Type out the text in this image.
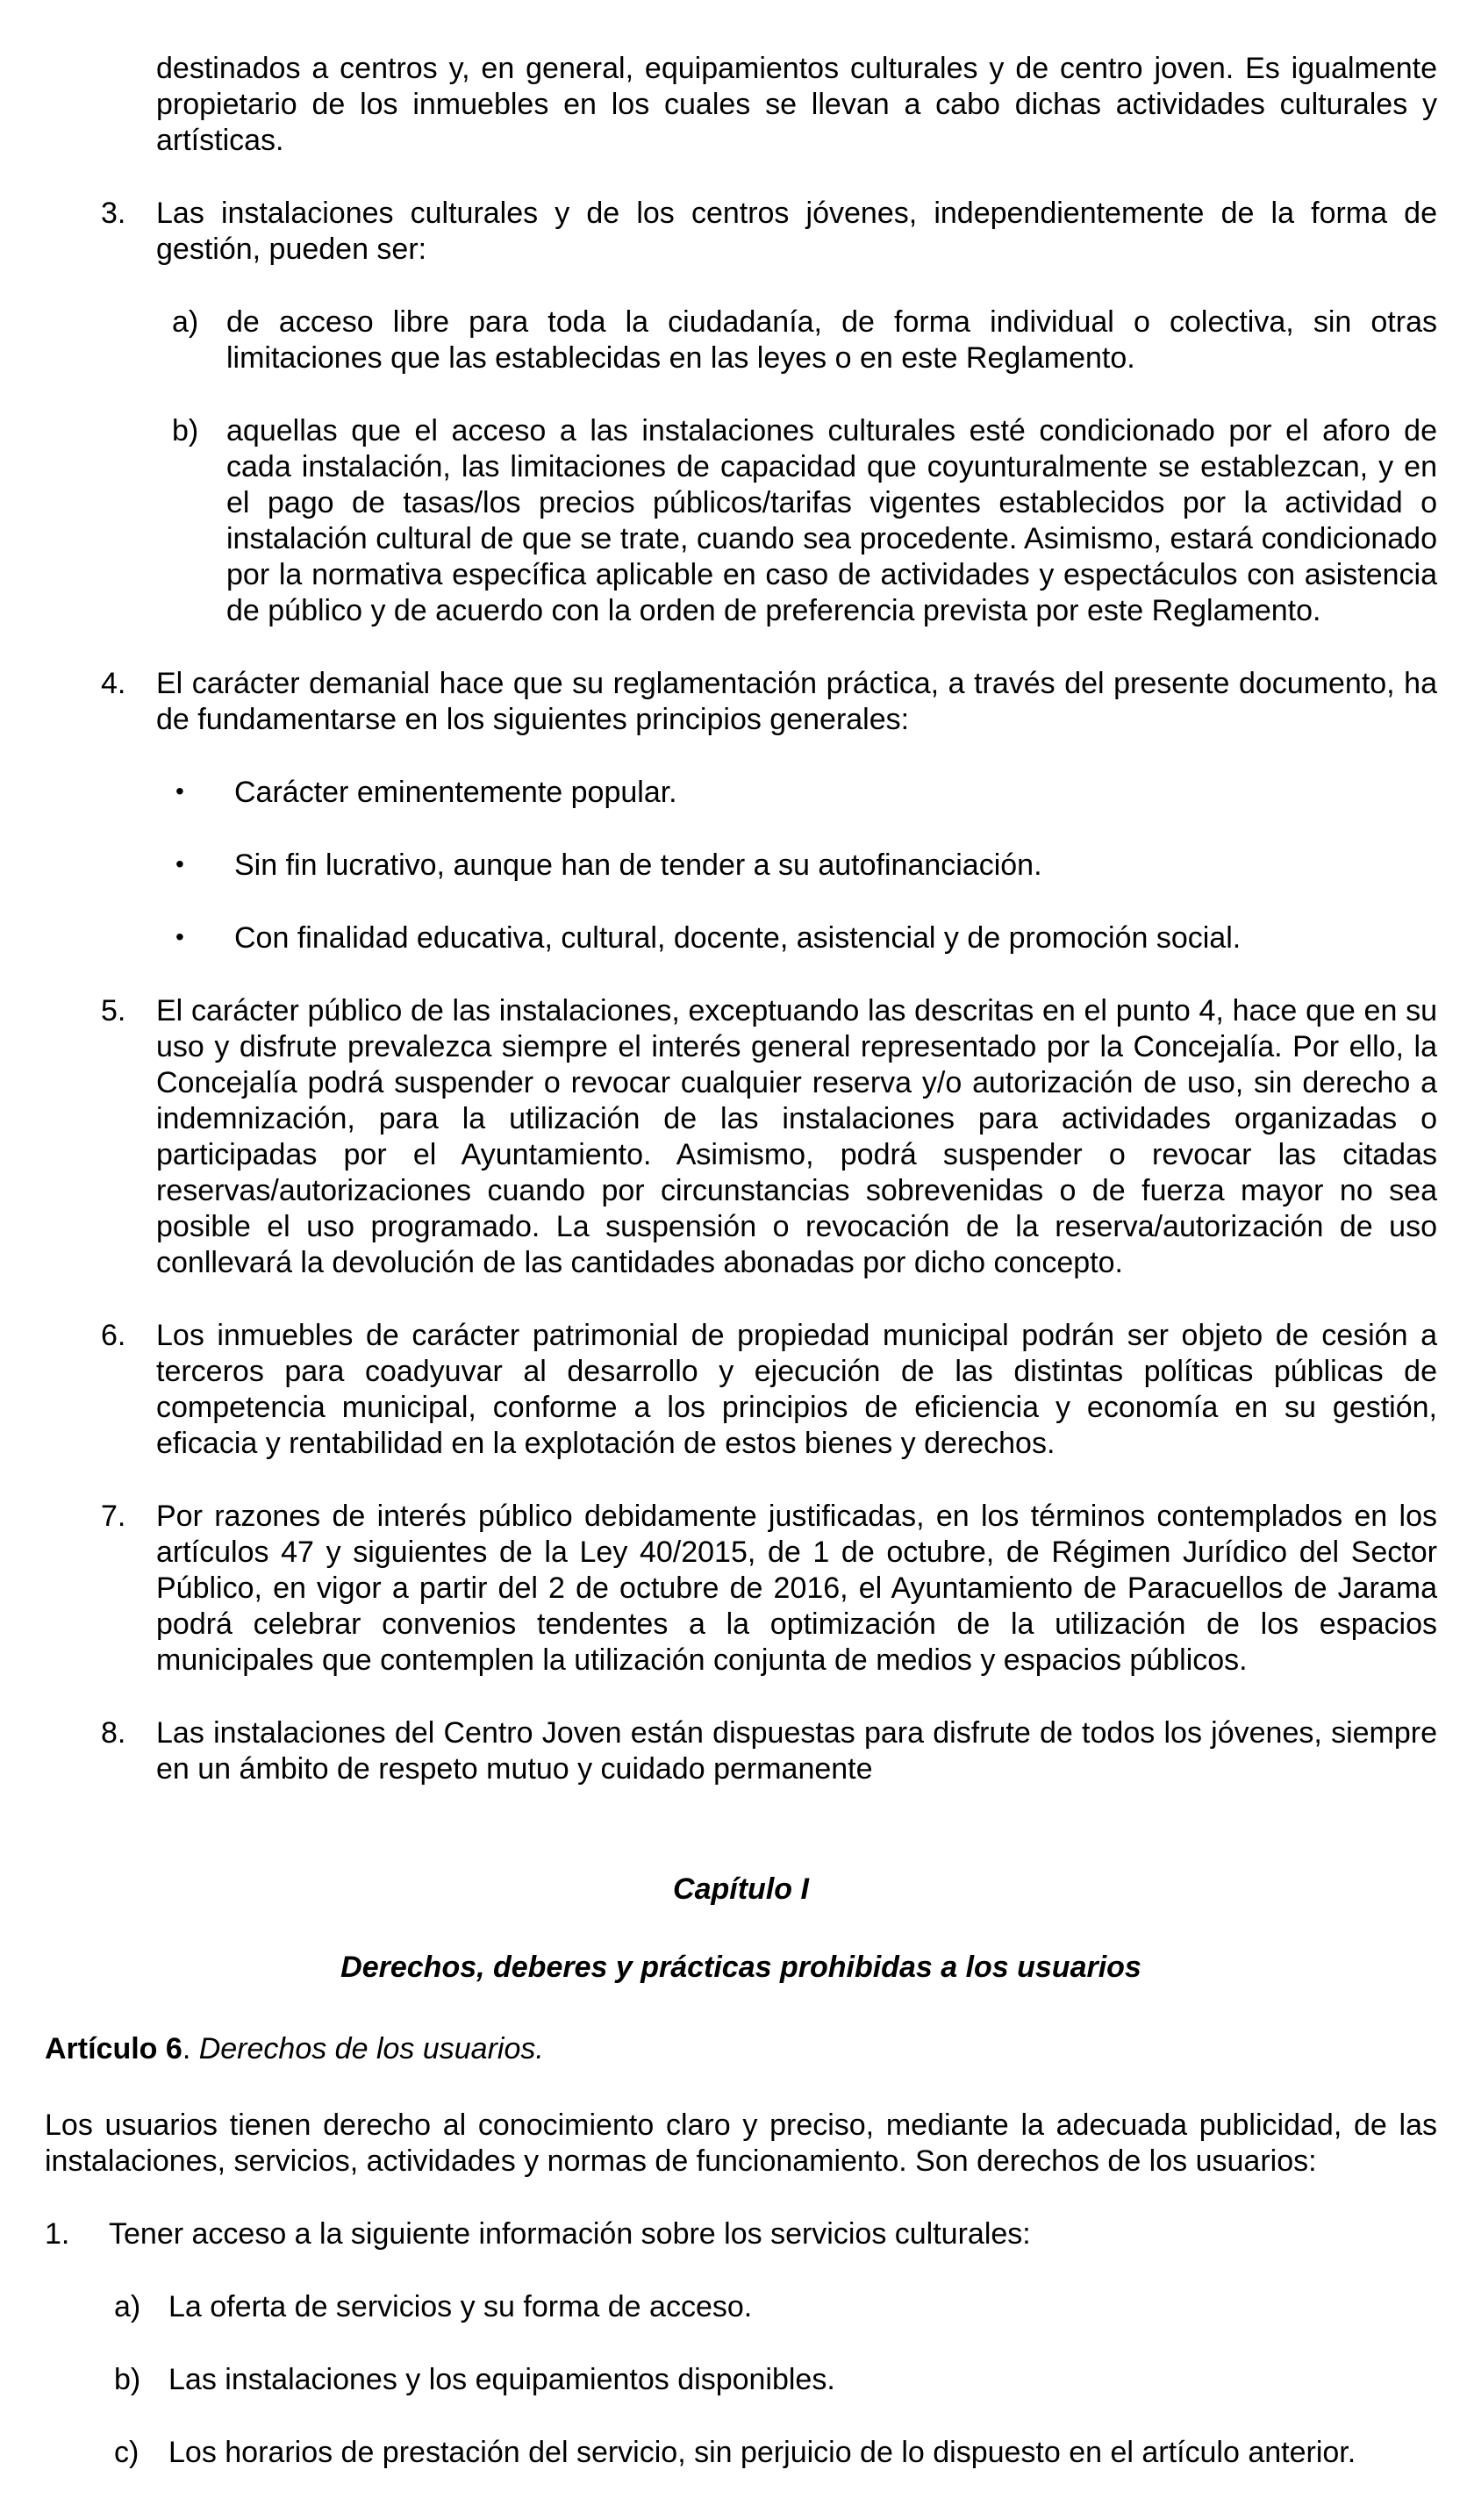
destinados a centros y, en general, equipamientos culturales y de centro joven. Es igualmente propietario de los inmuebles en los cuales se llevan a cabo dichas actividades culturales y artísticas.

3. Las instalaciones culturales y de los centros jóvenes, independientemente de la forma de gestión, pueden ser:
a) de acceso libre para toda la ciudadanía, de forma individual o colectiva, sin otras limitaciones que las establecidas en las leyes o en este Reglamento.
b) aquellas que el acceso a las instalaciones culturales esté condicionado por el aforo de cada instalación, las limitaciones de capacidad que coyunturalmente se establezcan, y en el pago de tasas/los precios públicos/tarifas vigentes establecidos por la actividad o instalación cultural de que se trate, cuando sea procedente. Asimismo, estará condicionado por la normativa específica aplicable en caso de actividades y espectáculos con asistencia de público y de acuerdo con la orden de preferencia prevista por este Reglamento.
4. El carácter demanial hace que su reglamentación práctica, a través del presente documento, ha de fundamentarse en los siguientes principios generales:
• Carácter eminentemente popular.
• Sin fin lucrativo, aunque han de tender a su autofinanciación.
• Con finalidad educativa, cultural, docente, asistencial y de promoción social.
5. El carácter público de las instalaciones, exceptuando las descritas en el punto 4, hace que en su uso y disfrute prevalezca siempre el interés general representado por la Concejalía. Por ello, la Concejalía podrá suspender o revocar cualquier reserva y/o autorización de uso, sin derecho a indemnización, para la utilización de las instalaciones para actividades organizadas o participadas por el Ayuntamiento. Asimismo, podrá suspender o revocar las citadas reservas/autorizaciones cuando por circunstancias sobrevenidas o de fuerza mayor no sea posible el uso programado. La suspensión o revocación de la reserva/autorización de uso conllevará la devolución de las cantidades abonadas por dicho concepto.
6. Los inmuebles de carácter patrimonial de propiedad municipal podrán ser objeto de cesión a terceros para coadyuvar al desarrollo y ejecución de las distintas políticas públicas de competencia municipal, conforme a los principios de eficiencia y economía en su gestión, eficacia y rentabilidad en la explotación de estos bienes y derechos.
7. Por razones de interés público debidamente justificadas, en los términos contemplados en los artículos 47 y siguientes de la Ley 40/2015, de 1 de octubre, de Régimen Jurídico del Sector Público, en vigor a partir del 2 de octubre de 2016, el Ayuntamiento de Paracuellos de Jarama podrá celebrar convenios tendentes a la optimización de la utilización de los espacios municipales que contemplen la utilización conjunta de medios y espacios públicos.
8. Las instalaciones del Centro Joven están dispuestas para disfrute de todos los jóvenes, siempre en un ámbito de respeto mutuo y cuidado permanente
Capítulo I
Derechos, deberes y prácticas prohibidas a los usuarios
Artículo 6. Derechos de los usuarios.

Los usuarios tienen derecho al conocimiento claro y preciso, mediante la adecuada publicidad, de las instalaciones, servicios, actividades y normas de funcionamiento. Son derechos de los usuarios:

1. Tener acceso a la siguiente información sobre los servicios culturales:
a) La oferta de servicios y su forma de acceso.
b) Las instalaciones y los equipamientos disponibles.
c) Los horarios de prestación del servicio, sin perjuicio de lo dispuesto en el artículo anterior.
